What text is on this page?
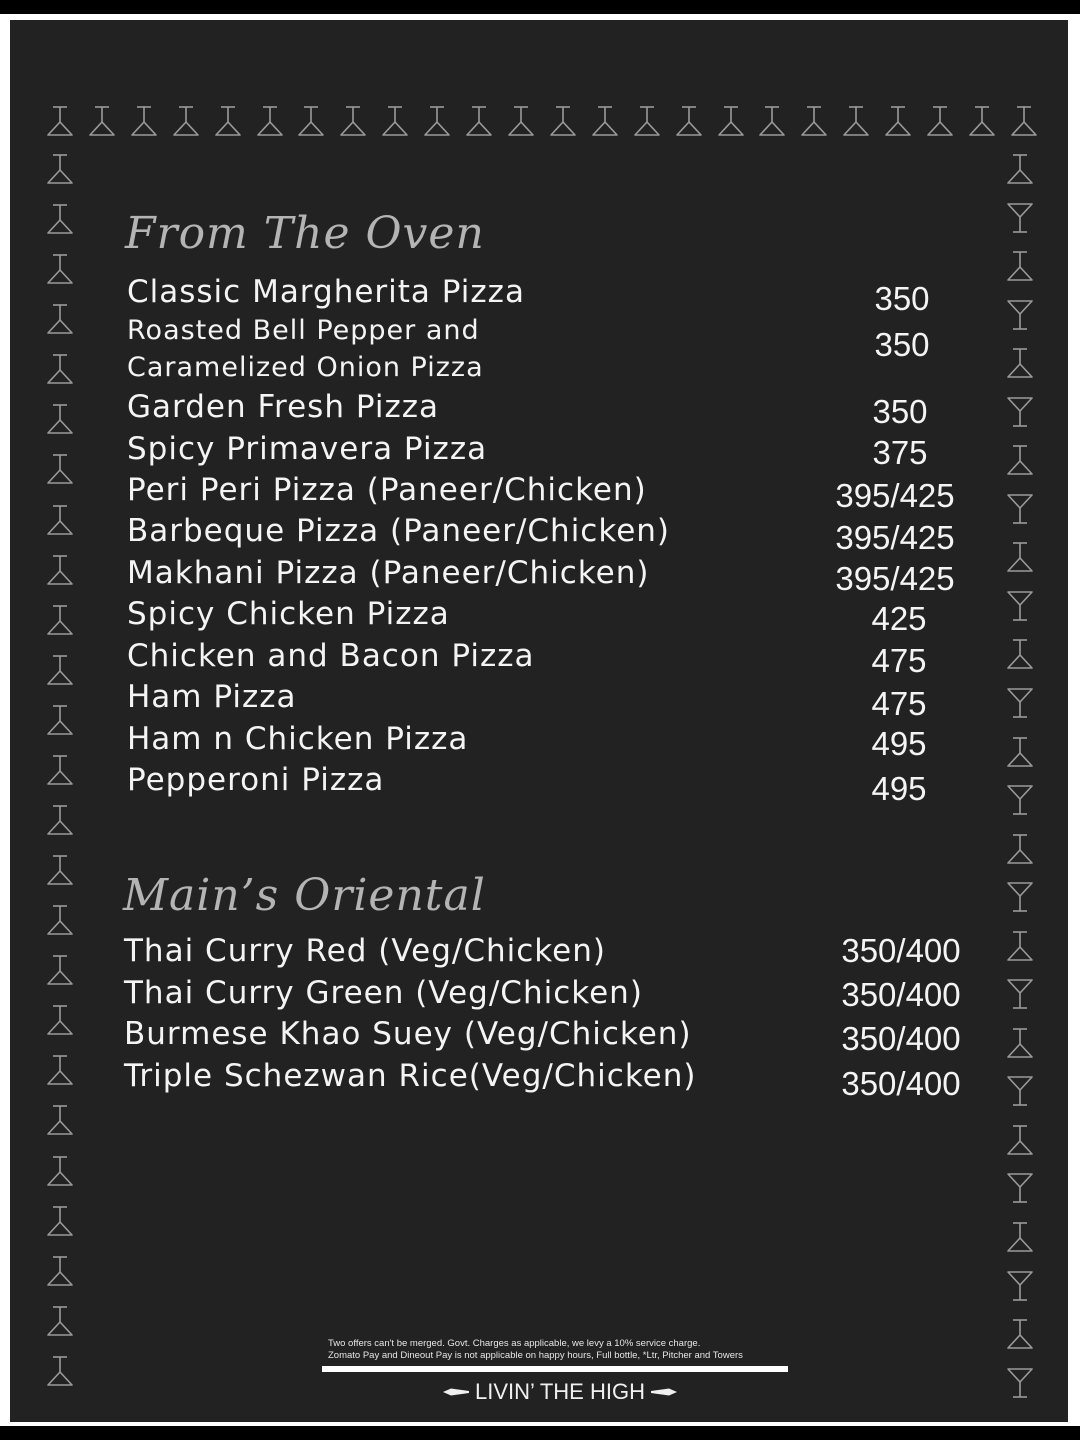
From The Oven
Classic Margherita Pizza	350
Roasted Bell Pepper and
Caramelized Onion Pizza
350
Garden Fresh Pizza	350
Spicy Primavera Pizza	375
Peri Peri Pizza (Paneer/Chicken)	395/425
Barbeque Pizza (Paneer/Chicken)	395/425
Makhani Pizza (Paneer/Chicken)	395/425
Spicy Chicken Pizza	425
Chicken and Bacon Pizza	475
Ham Pizza	475
Ham n Chicken Pizza	495
Pepperoni Pizza	495
Main’s Oriental
Thai Curry Red (Veg/Chicken)	350/400
Thai Curry Green (Veg/Chicken)	350/400
Burmese Khao Suey (Veg/Chicken)	350/400
Triple Schezwan Rice(Veg/Chicken)	350/400
Two offers can't be merged. Govt. Charges as applicable, we levy a 10% service charge.
Zomato Pay and Dineout Pay is not applicable on happy hours, Full bottle, *Ltr, Pitcher and Towers
LIVIN’ THE HIGH
